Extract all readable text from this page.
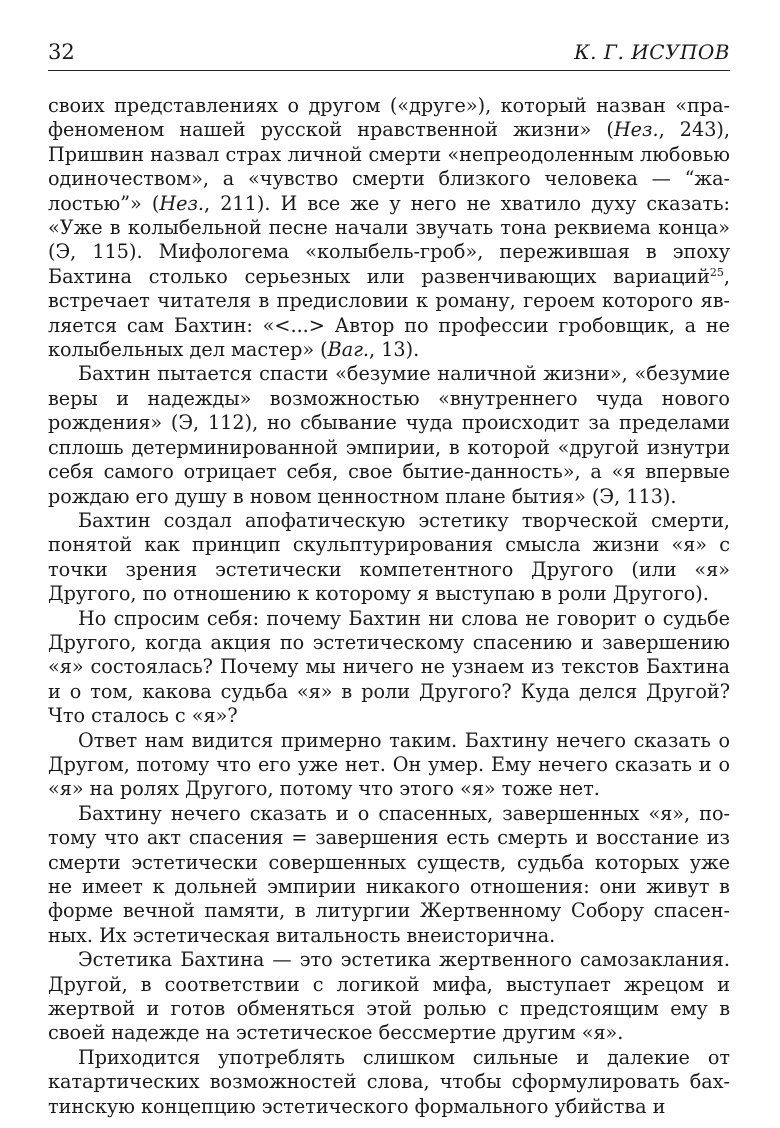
32	К. Г. ИСУПОВ

своих представлениях о другом («друге»), который назван «прафеноменом нашей русской нравственной жизни» (Нез., 243), Пришвин назвал страх личной смерти «непреодоленным любовью одиночеством», а «чувство смерти близкого человека — “жалостью”» (Нез., 211). И все же у него не хватило духу сказать: «Уже в колыбельной песне начали звучать тона реквиема конца» (Э, 115). Мифологема «колыбель-гроб», пережившая в эпоху Бахтина столько серьезных или развенчивающих вариаций$^{25}$, встречает читателя в предисловии к роману, героем которого является сам Бахтин: «<...> Автор по профессии гробовщик, а не колыбельных дел мастер» (Ваг., 13).

Бахтин пытается спасти «безумие наличной жизни», «безумие веры и надежды» возможностью «внутреннего чуда нового рождения» (Э, 112), но сбывание чуда происходит за пределами сплошь детерминированной эмпирии, в которой «другой изнутри себя самого отрицает себя, свое бытие-данность», а «я впервые рождаю его душу в новом ценностном плане бытия» (Э, 113).

Бахтин создал апофатическую эстетику творческой смерти, понятой как принцип скульптурирования смысла жизни «я» с точки зрения эстетически компетентного Другого (или «я» Другого, по отношению к которому я выступаю в роли Другого).

Но спросим себя: почему Бахтин ни слова не говорит о судьбе Другого, когда акция по эстетическому спасению и завершению «я» состоялась? Почему мы ничего не узнаем из текстов Бахтина и о том, какова судьба «я» в роли Другого? Куда делся Другой? Что сталось с «я»?

Ответ нам видится примерно таким. Бахтину нечего сказать о Другом, потому что его уже нет. Он умер. Ему нечего сказать и о «я» на ролях Другого, потому что этого «я» тоже нет.

Бахтину нечего сказать и о спасенных, завершенных «я», потому что акт спасения = завершения есть смерть и восстание из смерти эстетически совершенных существ, судьба которых уже не имеет к дольней эмпирии никакого отношения: они живут в форме вечной памяти, в литургии Жертвенному Собору спасенных. Их эстетическая витальность внеисторична.

Эстетика Бахтина — это эстетика жертвенного самозаклания. Другой, в соответствии с логикой мифа, выступает жрецом и жертвой и готов обменяться этой ролью с предстоящим ему в своей надежде на эстетическое бессмертие другим «я».

Приходится употреблять слишком сильные и далекие от катартических возможностей слова, чтобы сформулировать бахтинскую концепцию эстетического формального убийства и
